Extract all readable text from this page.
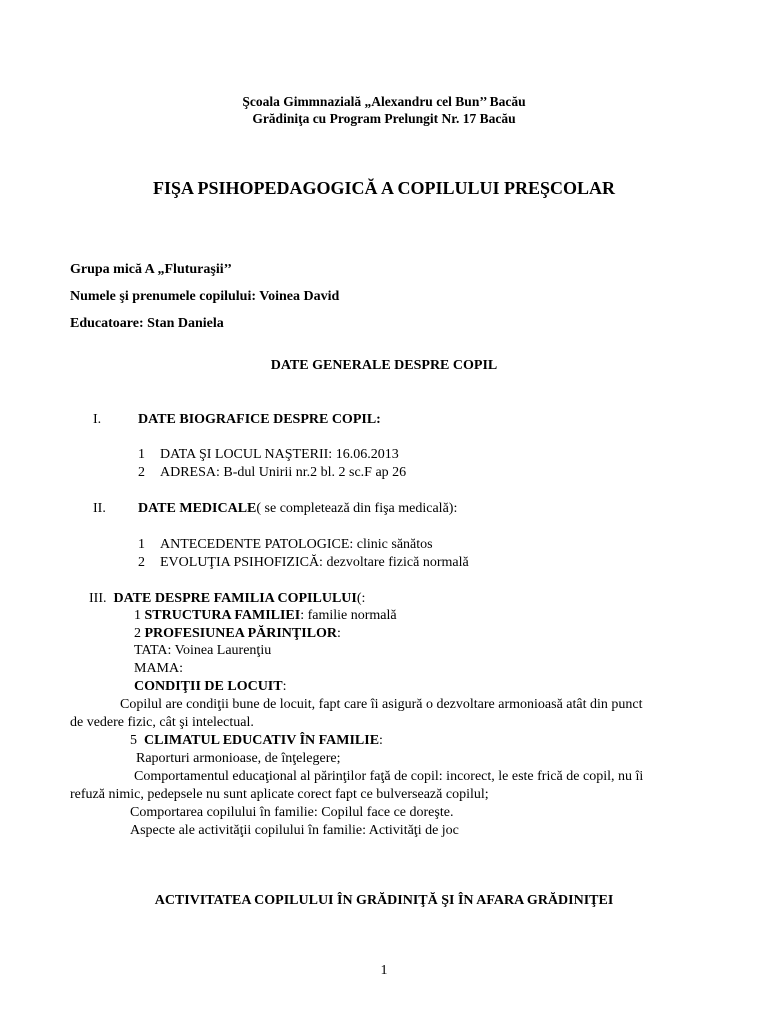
Şcoala Gimmnazială „Alexandru cel Bun’’ Bacău
Grădiniţa cu Program Prelungit Nr. 17 Bacău
FIŞA PSIHOPEDAGOGICĂ A COPILULUI PREŞCOLAR
Grupa mică A „Fluturaşii’’
Numele şi prenumele copilului: Voinea David
Educatoare: Stan Daniela
DATE GENERALE DESPRE COPIL
I.	DATE BIOGRAFICE DESPRE COPIL:
1 DATA ŞI LOCUL NAŞTERII: 16.06.2013
2 ADRESA: B-dul Unirii nr.2 bl. 2 sc.F ap 26
II. DATE MEDICALE( se completează din fişa medicală):
1 ANTECEDENTE PATOLOGICE: clinic sănătos
2 EVOLUŢIA PSIHOFIZICĂ: dezvoltare fizică normală
III. DATE DESPRE FAMILIA COPILULUI(:
1 STRUCTURA FAMILIEI: familie normală
2 PROFESIUNEA PĂRINŢILOR:
TATA: Voinea Laurenţiu
MAMA:
CONDIŢII DE LOCUIT:
Copilul are condiţii bune de locuit, fapt care îi asigură o dezvoltare armonioasă atât din punct
de vedere fizic, cât şi intelectual.
5 CLIMATUL EDUCATIV ÎN FAMILIE:
Raporturi armonioase, de înţelegere;
Comportamentul educaţional al părinţilor faţă de copil: incorect, le este frică de copil, nu îi
refuză nimic, pedepsele nu sunt aplicate corect fapt ce bulversează copilul;
Comportarea copilului în familie: Copilul face ce doreşte.
Aspecte ale activităţii copilului în familie: Activităţi de joc
ACTIVITATEA COPILULUI ÎN GRĂDINIŢĂ ŞI ÎN AFARA GRĂDINIŢEI
1
